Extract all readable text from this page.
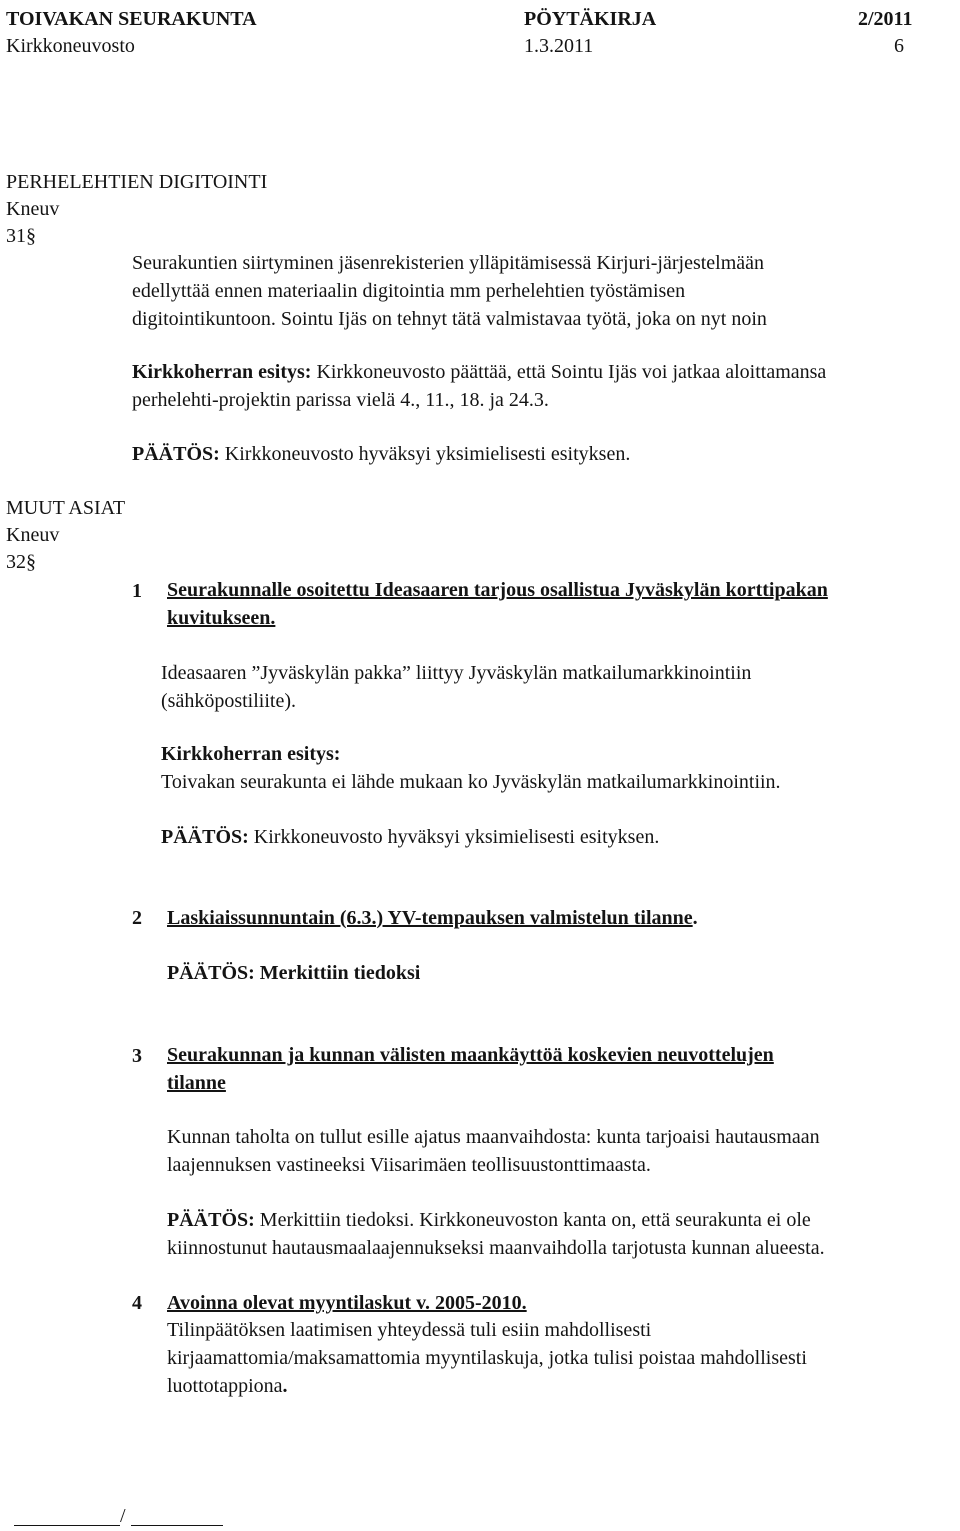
TOIVAKAN SEURAKUNTA	PÖYTÄKIRJA	2/2011
Kirkkoneuvosto	1.3.2011	6
PERHELEHTIEN DIGITOINTI
Kneuv
31§

Seurakuntien siirtyminen jäsenrekisterien ylläpitämisessä Kirjuri-järjestelmään

edellyttää ennen materiaalin digitointia mm perhelehtien työstämisen

digitointikuntoon. Sointu Ijäs on tehnyt tätä valmistavaa työtä, joka on nyt noin

Kirkkoherran esitys: Kirkkoneuvosto päättää, että Sointu Ijäs voi jatkaa aloittamansa

perhelehti-projektin parissa vielä 4., 11., 18. ja 24.3.

PÄÄTÖS: Kirkkoneuvosto hyväksyi yksimielisesti esityksen.
MUUT ASIAT
Kneuv
32§
1 Seurakunnalle osoitettu Ideasaaren tarjous osallistua Jyväskylän korttipakan

kuvitukseen.

Ideasaaren ”Jyväskylän pakka” liittyy Jyväskylän matkailumarkkinointiin

(sähköpostiliite).

Kirkkoherran esitys:

Toivakan seurakunta ei lähde mukaan ko Jyväskylän matkailumarkkinointiin.

PÄÄTÖS: Kirkkoneuvosto hyväksyi yksimielisesti esityksen.
2 Laskiaissunnuntain (6.3.) YV-tempauksen valmistelun tilanne.
PÄÄTÖS: Merkittiin tiedoksi
3 Seurakunnan ja kunnan välisten maankäyttöä koskevien neuvottelujen

tilanne

Kunnan taholta on tullut esille ajatus maanvaihdosta: kunta tarjoaisi hautausmaan

laajennuksen vastineeksi Viisarimäen teollisuustonttimaasta.

PÄÄTÖS: Merkittiin tiedoksi. Kirkkoneuvoston kanta on, että seurakunta ei ole

kiinnostunut hautausmaalaajennukseksi maanvaihdolla tarjotusta kunnan alueesta.

4 Avoinna olevat myyntilaskut v. 2005-2010.

Tilinpäätöksen laatimisen yhteydessä tuli esiin mahdollisesti

kirjaamattomia/maksamattomia myyntilaskuja, jotka tulisi poistaa mahdollisesti

luottotappiona.

/
